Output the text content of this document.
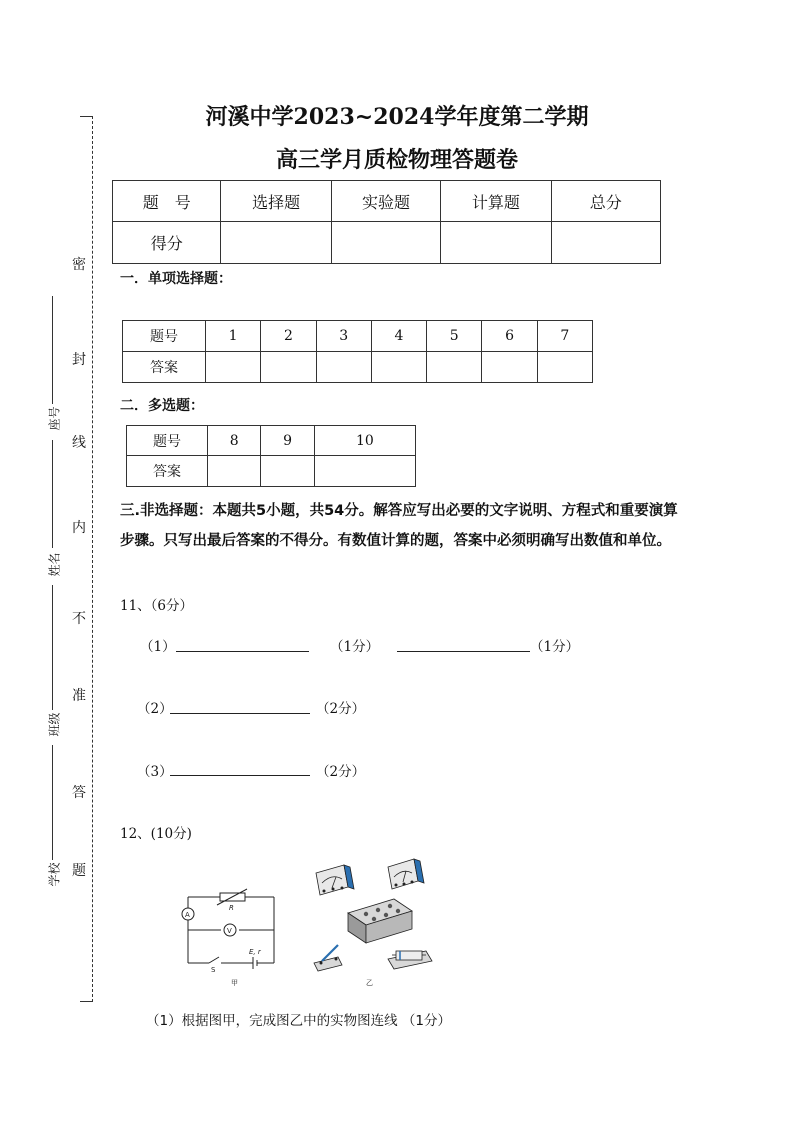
密
封
线
内
不
准
答
题
座号
姓名
班级
学校
河溪中学2023~2024学年度第二学期
高三学月质检物理答题卷
题　号	选择题	实验题	计算题	总分
得分				
一．单项选择题：
题号	1	2	3	4	5	6	7
答案							
二．多选题：
题号	8	9	10
答案			
三.非选择题：本题共5小题，共54分。解答应写出必要的文字说明、方程式和重要演算步骤。只写出最后答案的不得分。有数值计算的题，答案中必须明确写出数值和单位。
11、（6分）
（1）	（1分）	（1分）
（2）	（2分）
（3）	（2分）
12、(10分)
A
V
R
E, r
S
甲	乙
（1）根据图甲，完成图乙中的实物图连线 （1分）
